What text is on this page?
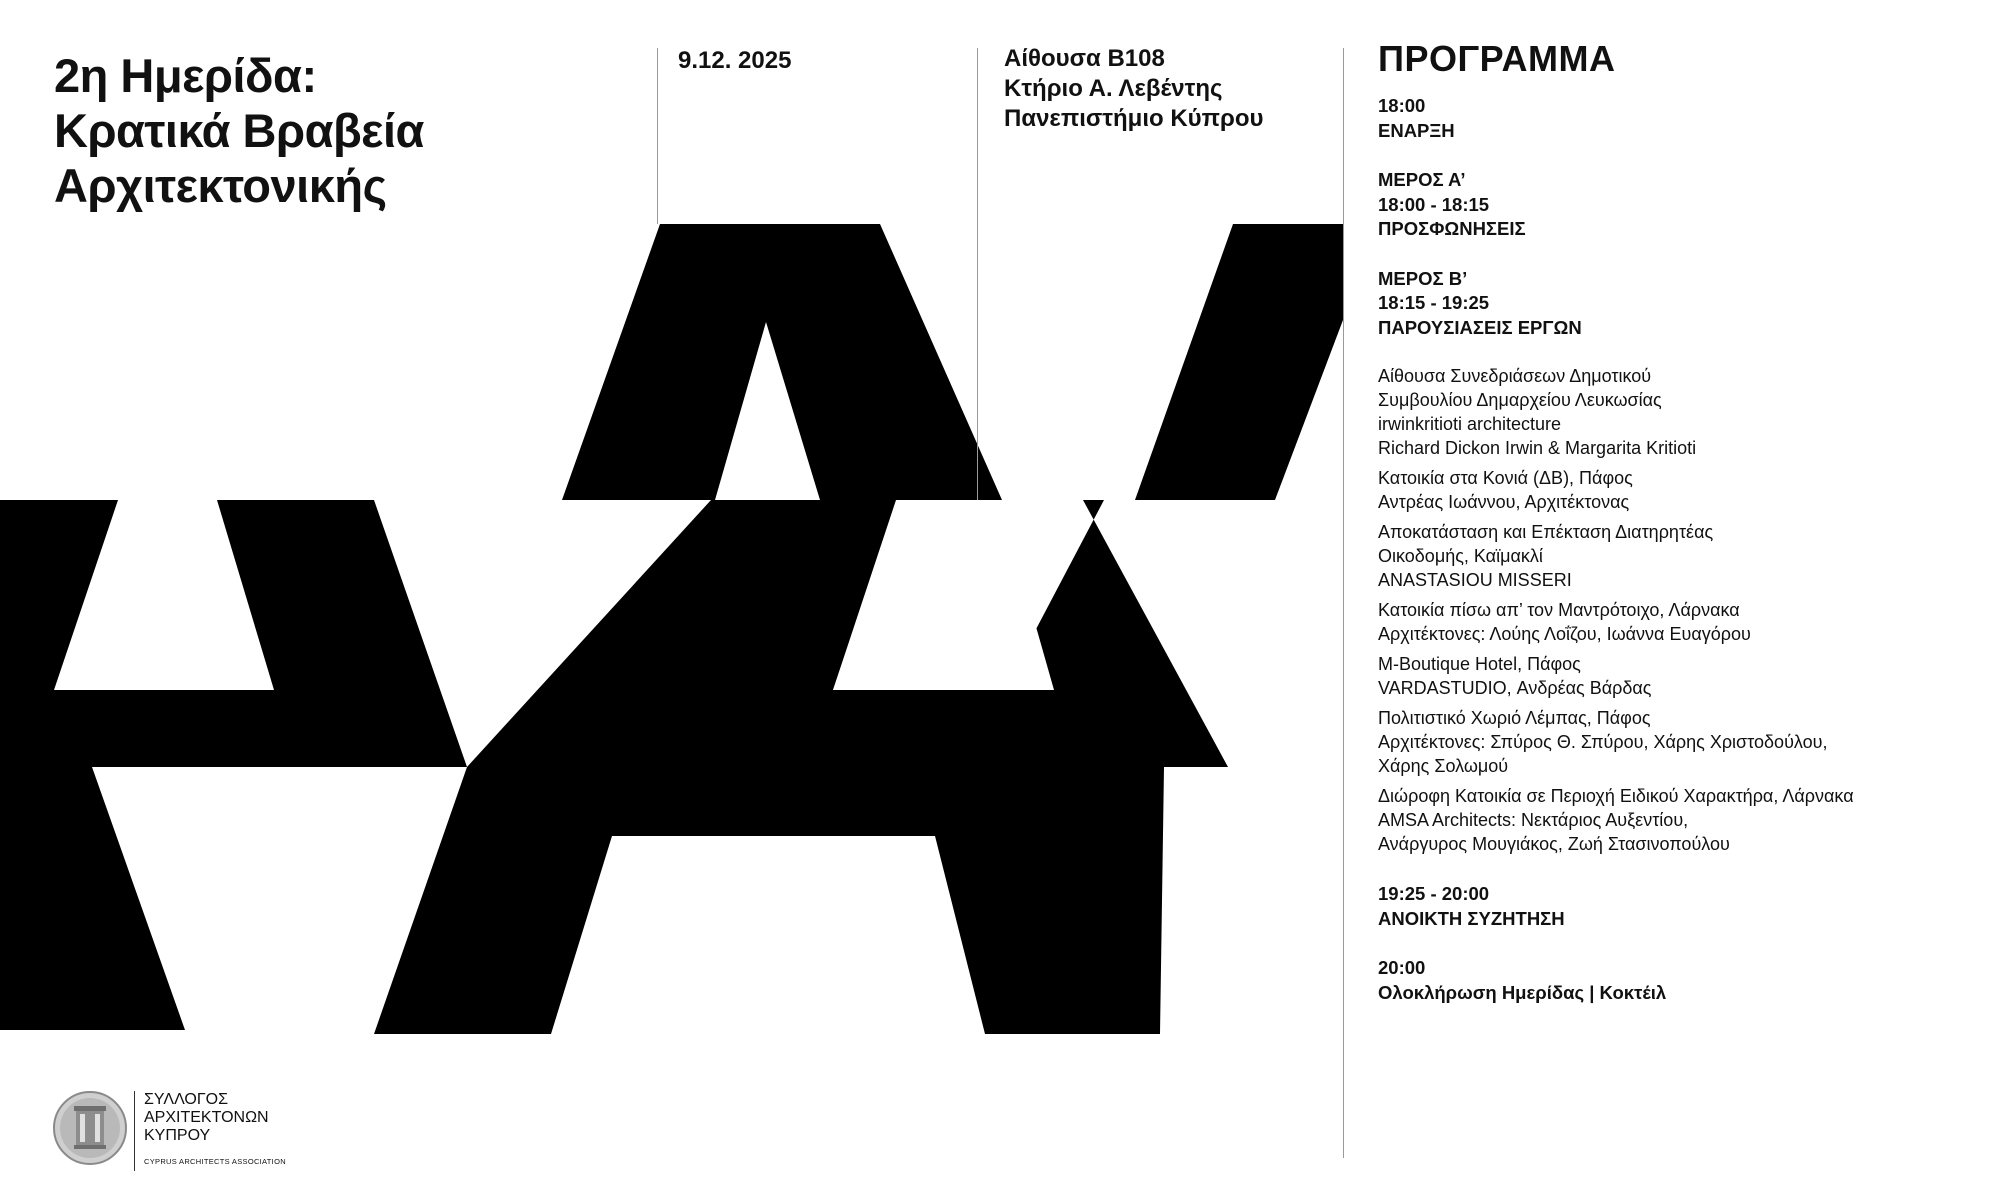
2η Ημερίδα:
Κρατικά Βραβεία
Αρχιτεκτονικής
9.12. 2025	Αίθουσα Β108
Κτήριο Α. Λεβέντης
Πανεπιστήμιο Κύπρου
ΠΡΟΓΡΑΜΜΑ
18:00
ΕΝΑΡΞΗ
ΜΕΡΟΣ Α’
18:00 - 18:15
ΠΡΟΣΦΩΝΗΣΕΙΣ
ΜΕΡΟΣ Β’
18:15 - 19:25
ΠΑΡΟΥΣΙΑΣΕΙΣ ΕΡΓΩΝ
Αίθουσα Συνεδριάσεων Δημοτικού
Συμβουλίου Δημαρχείου Λευκωσίας
irwinkritioti architecture
Richard Dickon Irwin & Margarita Kritioti
Κατοικία στα Κονιά (ΔΒ), Πάφος
Αντρέας Ιωάννου, Αρχιτέκτονας
Αποκατάσταση και Επέκταση Διατηρητέας
Οικοδομής, Καϊμακλί
ANASTASIOU MISSERI
Κατοικία πίσω απ’ τον Μαντρότοιχο, Λάρνακα
Αρχιτέκτονες: Λούης Λοΐζου, Ιωάννα Ευαγόρου
M-Boutique Hotel, Πάφος
VARDASTUDIO, Ανδρέας Βάρδας
Πολιτιστικό Χωριό Λέμπας, Πάφος
Αρχιτέκτονες: Σπύρος Θ. Σπύρου, Χάρης Χριστοδούλου,
Χάρης Σολωμού
Διώροφη Κατοικία σε Περιοχή Ειδικού Χαρακτήρα, Λάρνακα
AMSA Architects: Νεκτάριος Αυξεντίου,
Ανάργυρος Μουγιάκος, Ζωή Στασινοπούλου
19:25 - 20:00
ΑΝΟΙΚΤΗ ΣΥΖΗΤΗΣΗ
20:00
Ολοκλήρωση Ημερίδας | Κοκτέιλ
ΣΥΛΛΟΓΟΣ
ΑΡΧΙΤΕΚΤΟΝΩΝ
ΚΥΠΡΟΥ
CYPRUS ARCHITECTS ASSOCIATION
